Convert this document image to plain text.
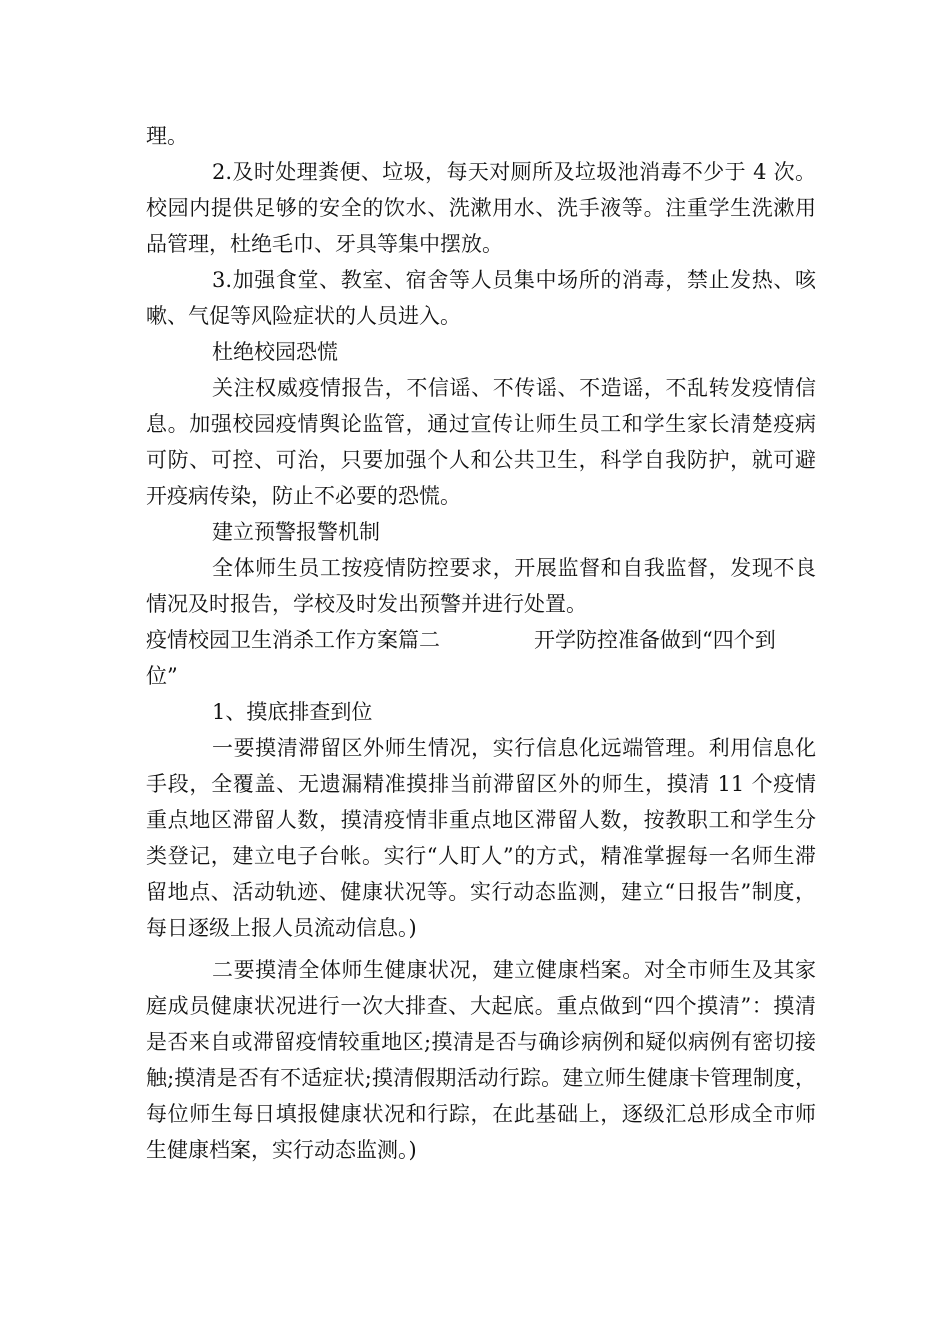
理。

2.及时处理粪便、垃圾，每天对厕所及垃圾池消毒不少于 4 次。校园内提供足够的安全的饮水、洗漱用水、洗手液等。注重学生洗漱用品管理，杜绝毛巾、牙具等集中摆放。

3.加强食堂、教室、宿舍等人员集中场所的消毒，禁止发热、咳嗽、气促等风险症状的人员进入。

杜绝校园恐慌

关注权威疫情报告，不信谣、不传谣、不造谣，不乱转发疫情信息。加强校园疫情舆论监管，通过宣传让师生员工和学生家长清楚疫病可防、可控、可治，只要加强个人和公共卫生，科学自我防护，就可避开疫病传染，防止不必要的恐慌。

建立预警报警机制

全体师生员工按疫情防控要求，开展监督和自我监督，发现不良情况及时报告，学校及时发出预警并进行处置。

疫情校园卫生消杀工作方案篇二	开学防控准备做到“四个到

位”

1、摸底排查到位

一要摸清滞留区外师生情况，实行信息化远端管理。利用信息化手段，全覆盖、无遗漏精准摸排当前滞留区外的师生，摸清 11 个疫情重点地区滞留人数，摸清疫情非重点地区滞留人数，按教职工和学生分类登记，建立电子台帐。实行“人盯人”的方式，精准掌握每一名师生滞留地点、活动轨迹、健康状况等。实行动态监测，建立“日报告”制度，每日逐级上报人员流动信息。)

二要摸清全体师生健康状况，建立健康档案。对全市师生及其家庭成员健康状况进行一次大排查、大起底。重点做到“四个摸清”：摸清是否来自或滞留疫情较重地区;摸清是否与确诊病例和疑似病例有密切接触;摸清是否有不适症状;摸清假期活动行踪。建立师生健康卡管理制度，每位师生每日填报健康状况和行踪，在此基础上，逐级汇总形成全市师生健康档案，实行动态监测。)
